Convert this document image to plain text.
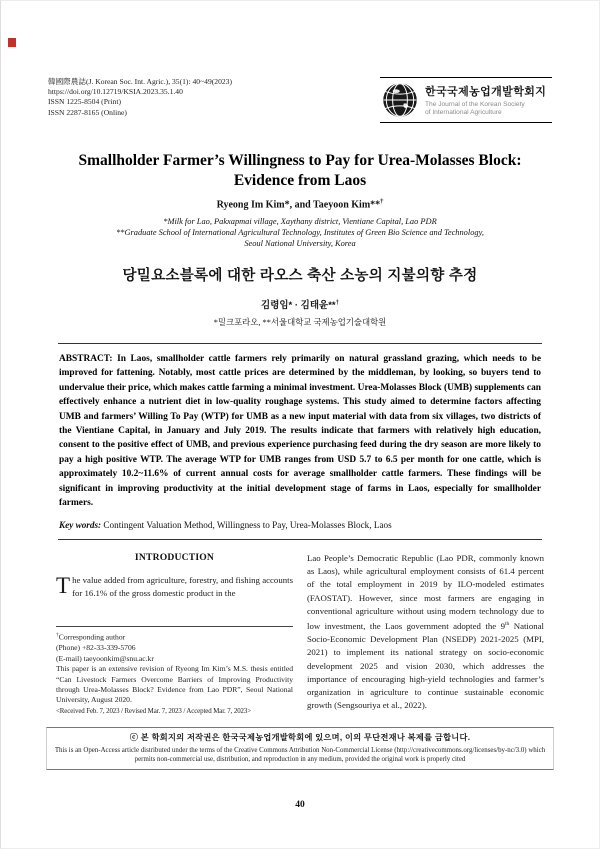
韓國際農誌(J. Korean Soc. Int. Agric.), 35(1): 40~49(2023)
https://doi.org/10.12719/KSIA.2023.35.1.40
ISSN 1225-8504 (Print)
ISSN 2287-8165 (Online)
한국국제농업개발학회지
The Journal of the Korean Society
of International Agriculture
Smallholder Farmer’s Willingness to Pay for Urea-Molasses Block:
Evidence from Laos
Ryeong Im Kim*, and Taeyoon Kim**†
*Milk for Lao, Pakxapmai village, Xaythany district, Vientiane Capital, Lao PDR
**Graduate School of International Agricultural Technology, Institutes of Green Bio Science and Technology,
Seoul National University, Korea
당밀요소블록에 대한 라오스 축산 소농의 지불의향 추정
김령임* · 김태윤**†
*밀크포라오, **서울대학교 국제농업기술대학원

ABSTRACT: In Laos, smallholder cattle farmers rely primarily on natural grassland grazing, which needs to be improved for fattening. Notably, most cattle prices are determined by the middleman, by looking, so buyers tend to undervalue their price, which makes cattle farming a minimal investment. Urea-Molasses Block (UMB) supplements can effectively enhance a nutrient diet in low-quality roughage systems. This study aimed to determine factors affecting UMB and farmers’ Willing To Pay (WTP) for UMB as a new input material with data from six villages, two districts of the Vientiane Capital, in January and July 2019. The results indicate that farmers with relatively high education, consent to the positive effect of UMB, and previous experience purchasing feed during the dry season are more likely to pay a high positive WTP. The average WTP for UMB ranges from USD 5.7 to 6.5 per month for one cattle, which is approximately 10.2~11.6% of current annual costs for average smallholder cattle farmers. These findings will be significant in improving productivity at the initial development stage of farms in Laos, especially for smallholder farmers.

Key words: Contingent Valuation Method, Willingness to Pay, Urea-Molasses Block, Laos

INTRODUCTION

The value added from agriculture, forestry, and fishing accounts for 16.1% of the gross domestic product in the

†Corresponding author
(Phone) +82-33-339-5706
(E-mail) taeyoonkim@snu.ac.kr
This paper is an extensive revision of Ryeong Im Kim’s M.S. thesis entitled “Can Livestock Farmers Overcome Barriers of Improving Productivity through Urea-Molasses Block? Evidence from Lao PDR”, Seoul National University, August 2020.
<Received Feb. 7, 2023 / Revised Mar. 7, 2023 / Accepted Mar. 7, 2023>

Lao People’s Democratic Republic (Lao PDR, commonly known as Laos), while agricultural employment consists of 61.4 percent of the total employment in 2019 by ILO-modeled estimates (FAOSTAT). However, since most farmers are engaging in conventional agriculture without using modern technology due to low investment, the Laos government adopted the 9th National Socio-Economic Development Plan (NSEDP) 2021-2025 (MPI, 2021) to implement its national strategy on socio-economic development 2025 and vision 2030, which addresses the importance of encouraging high-yield technologies and farmer’s organization in agriculture to continue sustainable economic growth (Sengsouriya et al., 2022).

ⓒ 본 학회지의 저작권은 한국국제농업개발학회에 있으며, 이의 무단전재나 복제를 금합니다.
This is an Open-Access article distributed under the terms of the Creative Commons Attribution Non-Commercial License (http://creativecommons.org/licenses/by-nc/3.0) which permits non-commercial use, distribution, and reproduction in any medium, provided the original work is properly cited
40
